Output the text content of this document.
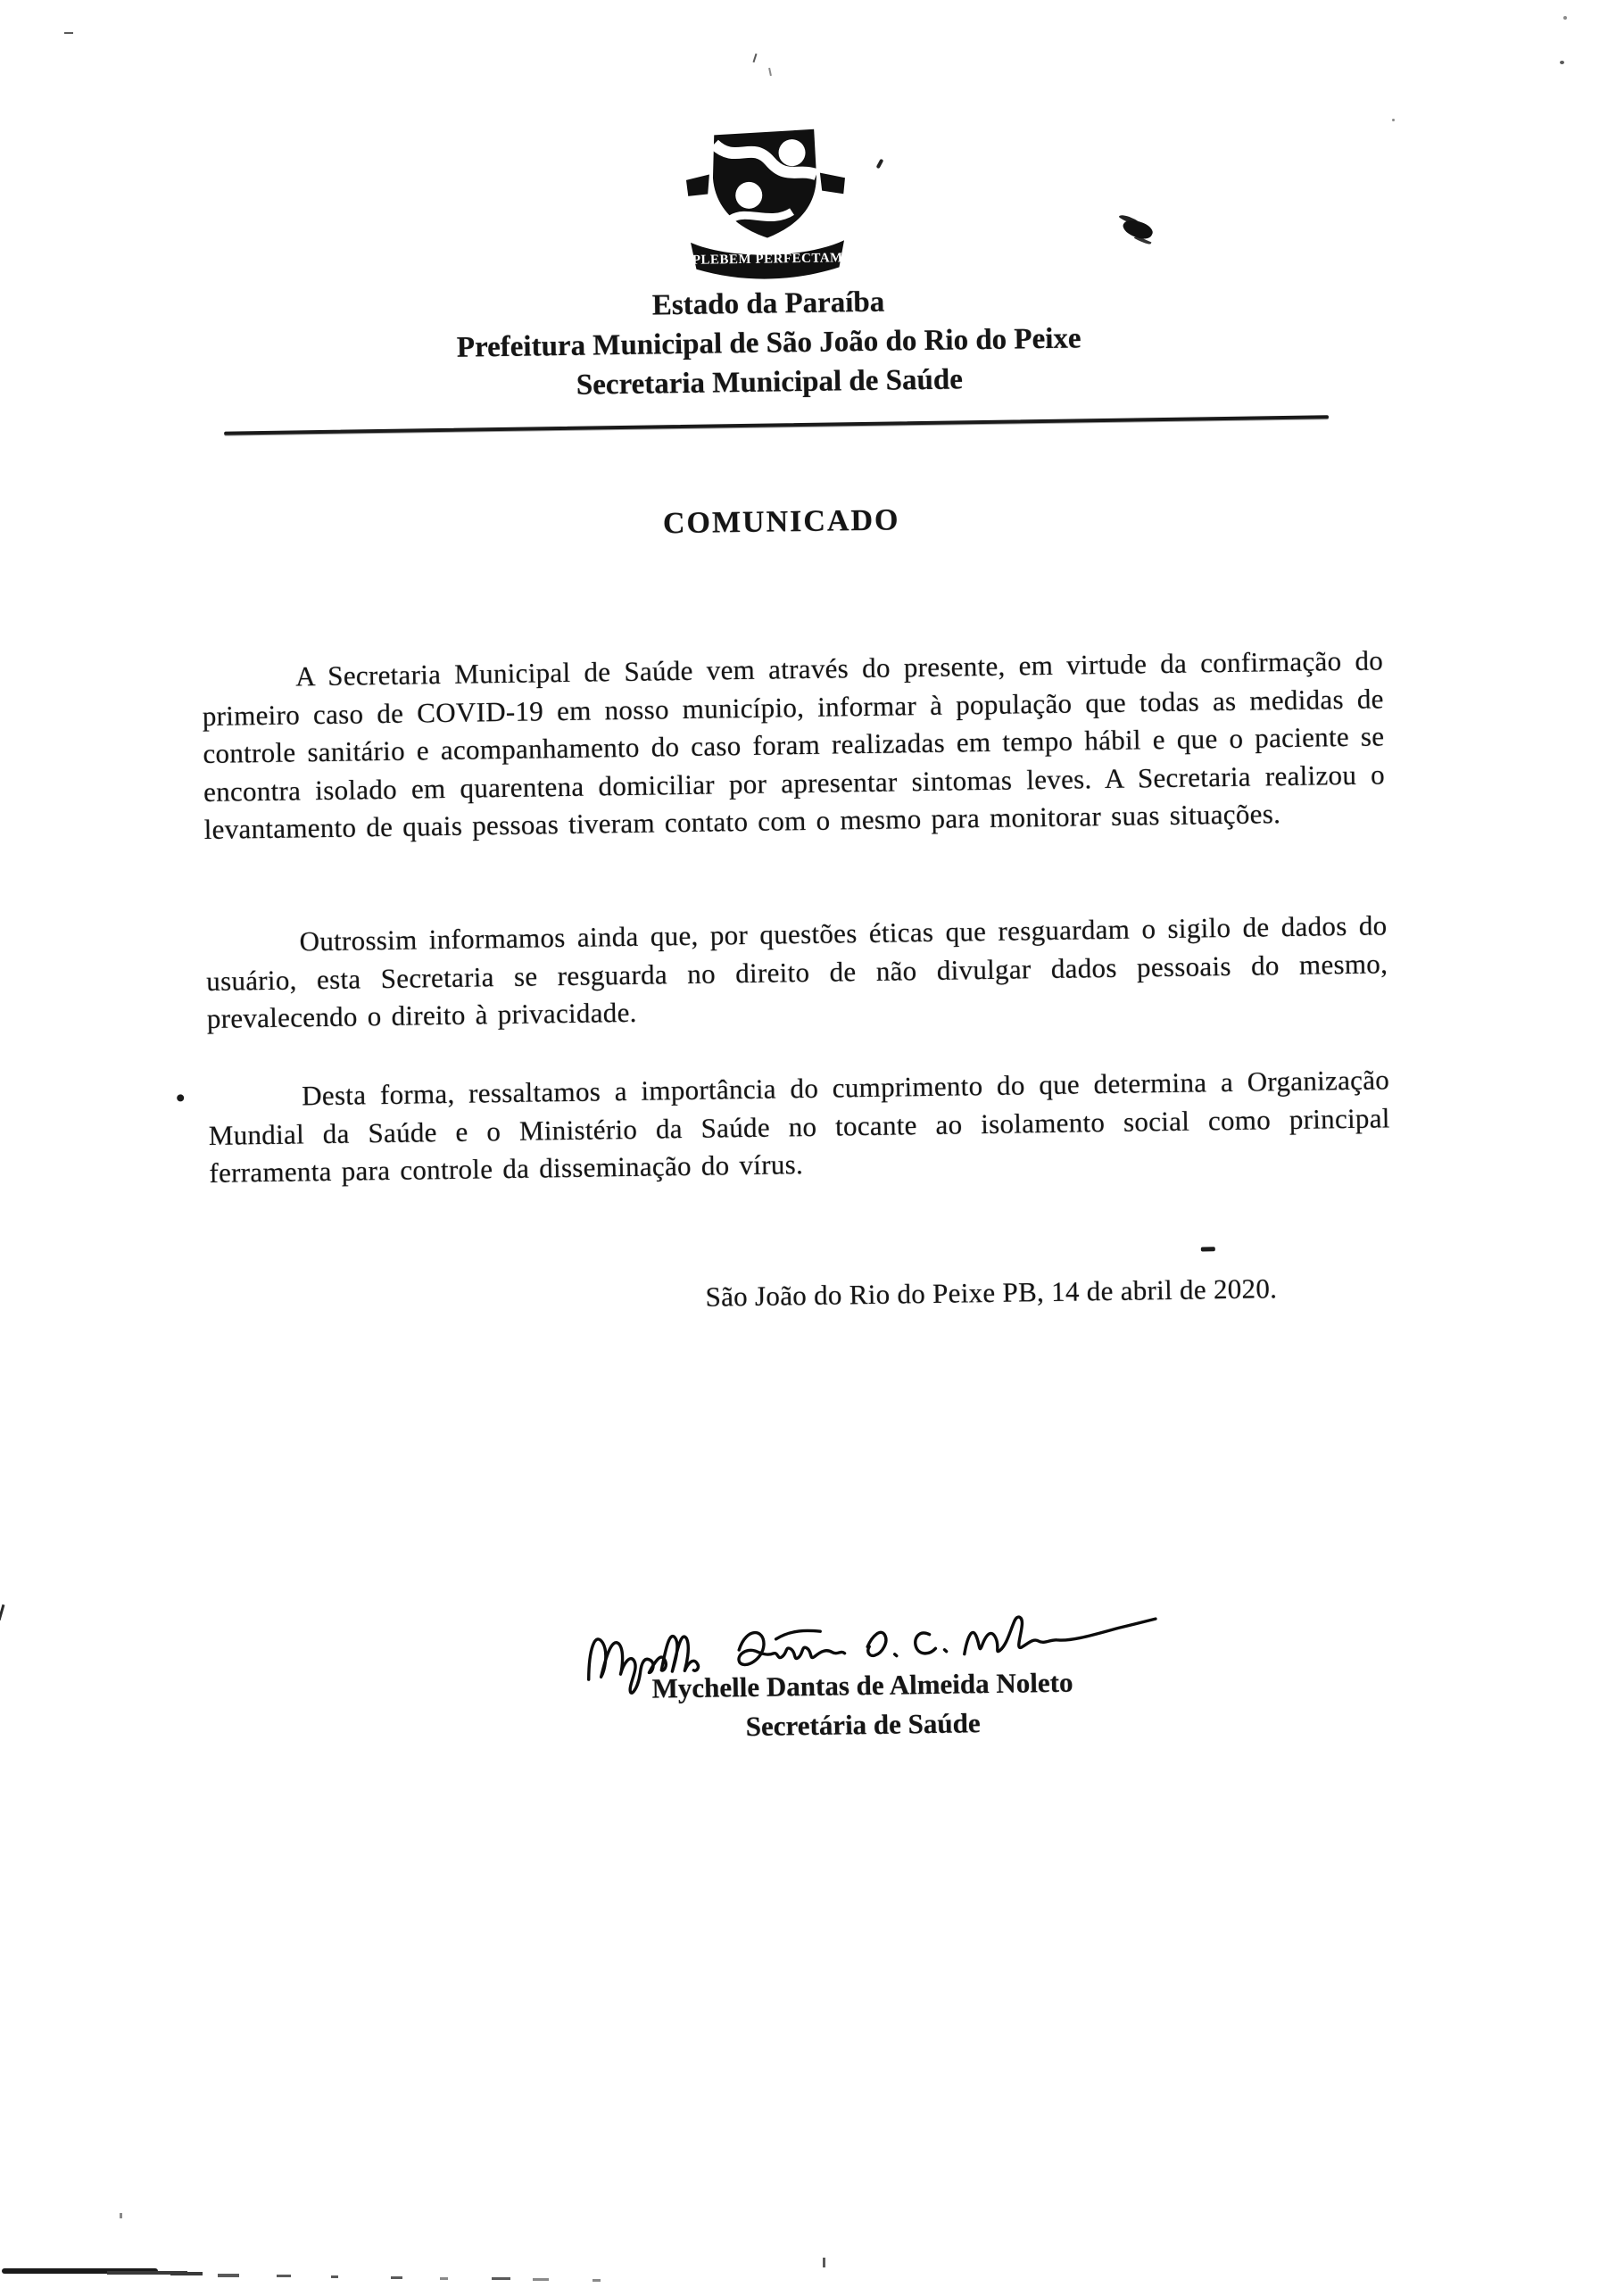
PLEBEM PERFECTAM
Estado da Paraíba
Prefeitura Municipal de São João do Rio do Peixe
Secretaria Municipal de Saúde
COMUNICADO
A Secretaria Municipal de Saúde vem através do presente, em virtude da confirmação do primeiro caso de COVID-19 em nosso município, informar à população que todas as medidas de controle sanitário e acompanhamento do caso foram realizadas em tempo hábil e que o paciente se encontra isolado em quarentena domiciliar por apresentar sintomas leves. A Secretaria realizou o levantamento de quais pessoas tiveram contato com o mesmo para monitorar suas situações.
Outrossim informamos ainda que, por questões éticas que resguardam o sigilo de dados do usuário, esta Secretaria se resguarda no direito de não divulgar dados pessoais do mesmo, prevalecendo o direito à privacidade.
Desta forma, ressaltamos a importância do cumprimento do que determina a Organização Mundial da Saúde e o Ministério da Saúde no tocante ao isolamento social como principal ferramenta para controle da disseminação do vírus.
São João do Rio do Peixe PB, 14 de abril de 2020.
Mychelle Dantas de Almeida Noleto
Secretária de Saúde
